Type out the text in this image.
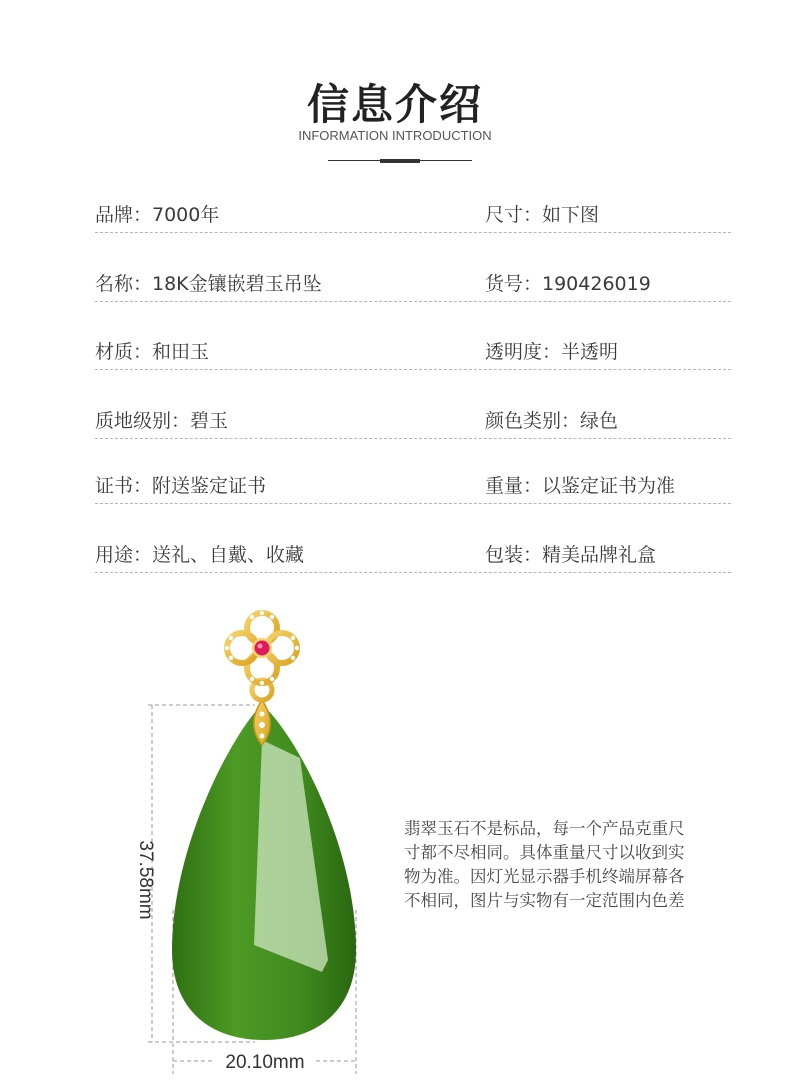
信息介绍
INFORMATION INTRODUCTION
品牌：7000年	尺寸：如下图
名称：18K金镶嵌碧玉吊坠	货号：190426019
材质：和田玉	透明度：半透明
质地级别：碧玉	颜色类别：绿色
证书：附送鉴定证书	重量：以鉴定证书为准
用途：送礼、自戴、收藏	包装：精美品牌礼盒
37.58mm
20.10mm
翡翠玉石不是标品，每一个产品克重尺
寸都不尽相同。具体重量尺寸以收到实
物为准。因灯光显示器手机终端屏幕各
不相同，图片与实物有一定范围内色差
